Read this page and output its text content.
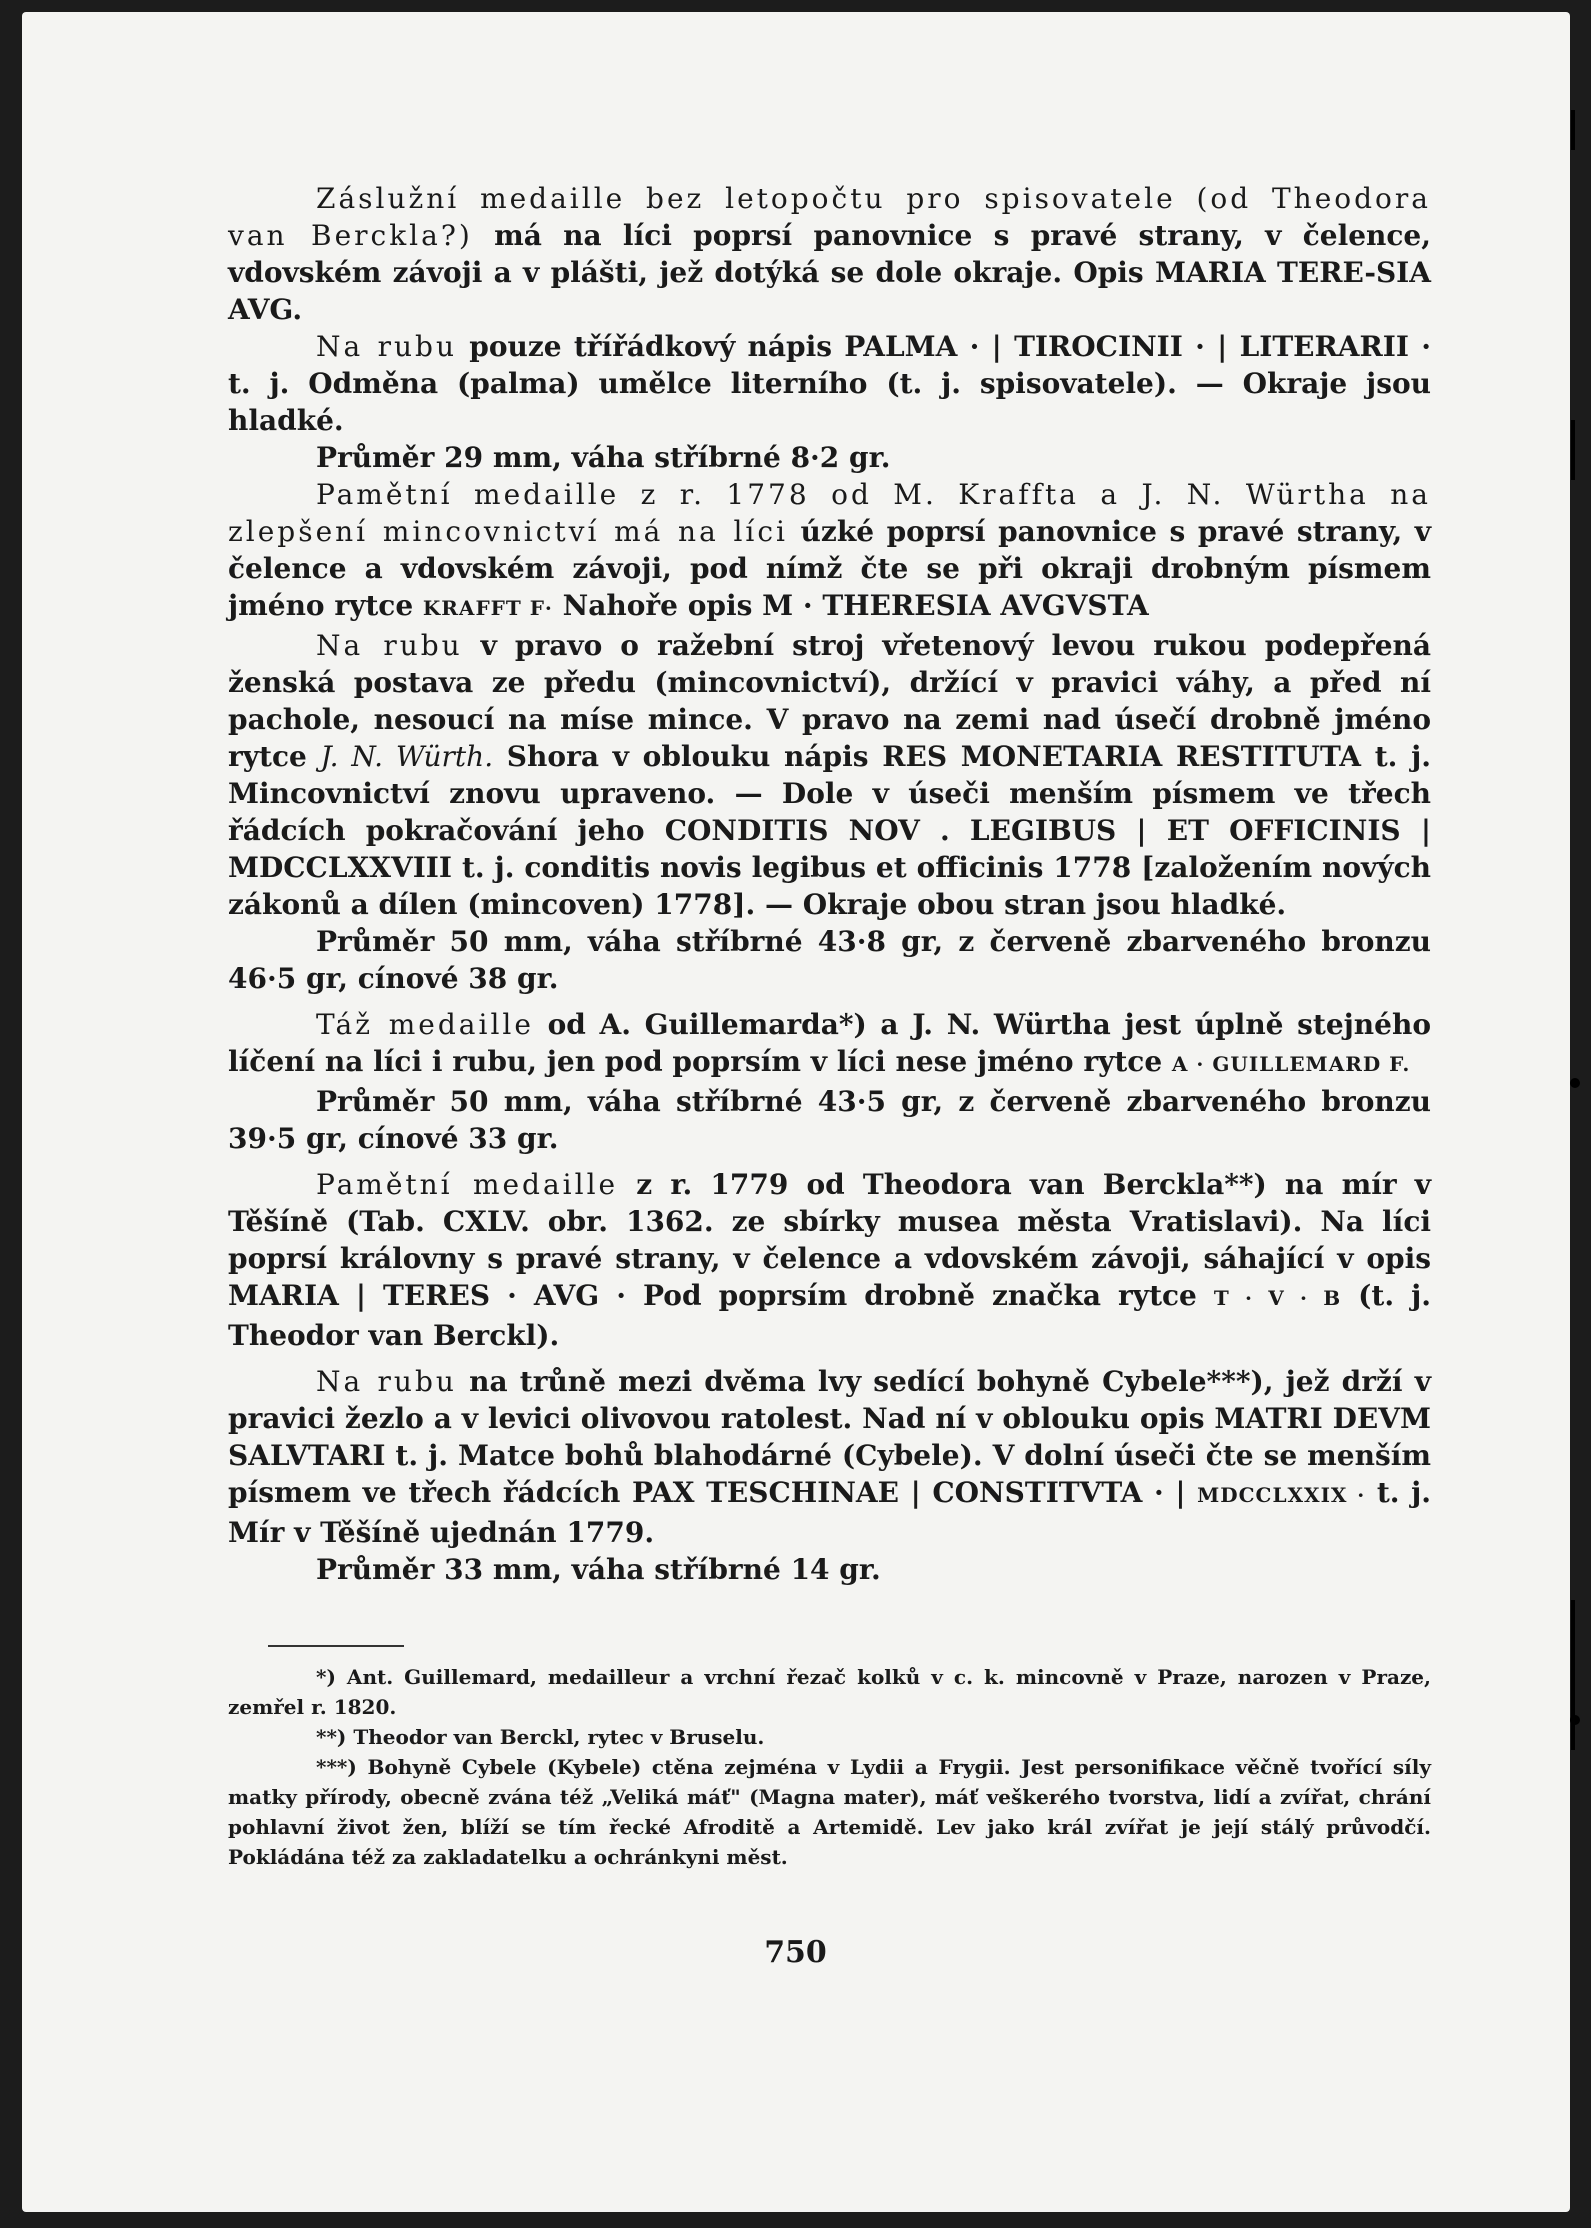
Záslužní medaille bez letopočtu pro spisovatele (od Theodora van Berckla?) má na líci poprsí panovnice s pravé strany, v čelence, vdovském závoji a v plášti, jež dotýká se dole okraje. Opis MARIA TERE-SIA AVG.

Na rubu pouze třířádkový nápis PALMA · | TIROCINII · | LITERARII · t. j. Odměna (palma) umělce literního (t. j. spisovatele). — Okraje jsou hladké.

Průměr 29 mm, váha stříbrné 8·2 gr.

Pamětní medaille z r. 1778 od M. Kraffta a J. N. Würtha na zlepšení mincovnictví má na líci úzké poprsí panovnice s pravé strany, v čelence a vdovském závoji, pod nímž čte se při okraji drobným písmem jméno rytce KRAFFT F· Nahoře opis M · THERESIA AVGVSTA

Na rubu v pravo o ražební stroj vřetenový levou rukou podepřená ženská postava ze předu (mincovnictví), držící v pravici váhy, a před ní pachole, nesoucí na míse mince. V pravo na zemi nad úsečí drobně jméno rytce J. N. Würth. Shora v oblouku nápis RES MONETARIA RESTITUTA t. j. Mincovnictví znovu upraveno. — Dole v úseči menším písmem ve třech řádcích pokračování jeho CONDITIS NOV . LEGIBUS | ET OFFICINIS | MDCCLXXVIII t. j. conditis novis legibus et officinis 1778 [založením nových zákonů a dílen (mincoven) 1778]. — Okraje obou stran jsou hladké.

Průměr 50 mm, váha stříbrné 43·8 gr, z červeně zbarveného bronzu 46·5 gr, cínové 38 gr.

Táž medaille od A. Guillemarda*) a J. N. Würtha jest úplně stejného líčení na líci i rubu, jen pod poprsím v líci nese jméno rytce A · GUILLEMARD F.

Průměr 50 mm, váha stříbrné 43·5 gr, z červeně zbarveného bronzu 39·5 gr, cínové 33 gr.

Pamětní medaille z r. 1779 od Theodora van Berckla**) na mír v Těšíně (Tab. CXLV. obr. 1362. ze sbírky musea města Vratislavi). Na líci poprsí královny s pravé strany, v čelence a vdovském závoji, sáhající v opis MARIA | TERES · AVG · Pod poprsím drobně značka rytce T · V · B (t. j. Theodor van Berckl).

Na rubu na trůně mezi dvěma lvy sedící bohyně Cybele***), jež drží v pravici žezlo a v levici olivovou ratolest. Nad ní v oblouku opis MATRI DEVM SALVTARI t. j. Matce bohů blahodárné (Cybele). V dolní úseči čte se menším písmem ve třech řádcích PAX TESCHINAE | CONSTITVTA · | MDCCLXXIX · t. j. Mír v Těšíně ujednán 1779.

Průměr 33 mm, váha stříbrné 14 gr.

*) Ant. Guillemard, medailleur a vrchní řezač kolků v c. k. mincovně v Praze, narozen v Praze, zemřel r. 1820.

**) Theodor van Berckl, rytec v Bruselu.

***) Bohyně Cybele (Kybele) ctěna zejména v Lydii a Frygii. Jest personifikace věčně tvořící síly matky přírody, obecně zvána též „Veliká máť" (Magna mater), máť veškerého tvorstva, lidí a zvířat, chrání pohlavní život žen, blíží se tím řecké Afroditě a Artemidě. Lev jako král zvířat je její stálý průvodčí. Pokládána též za zakladatelku a ochránkyni měst.

750
